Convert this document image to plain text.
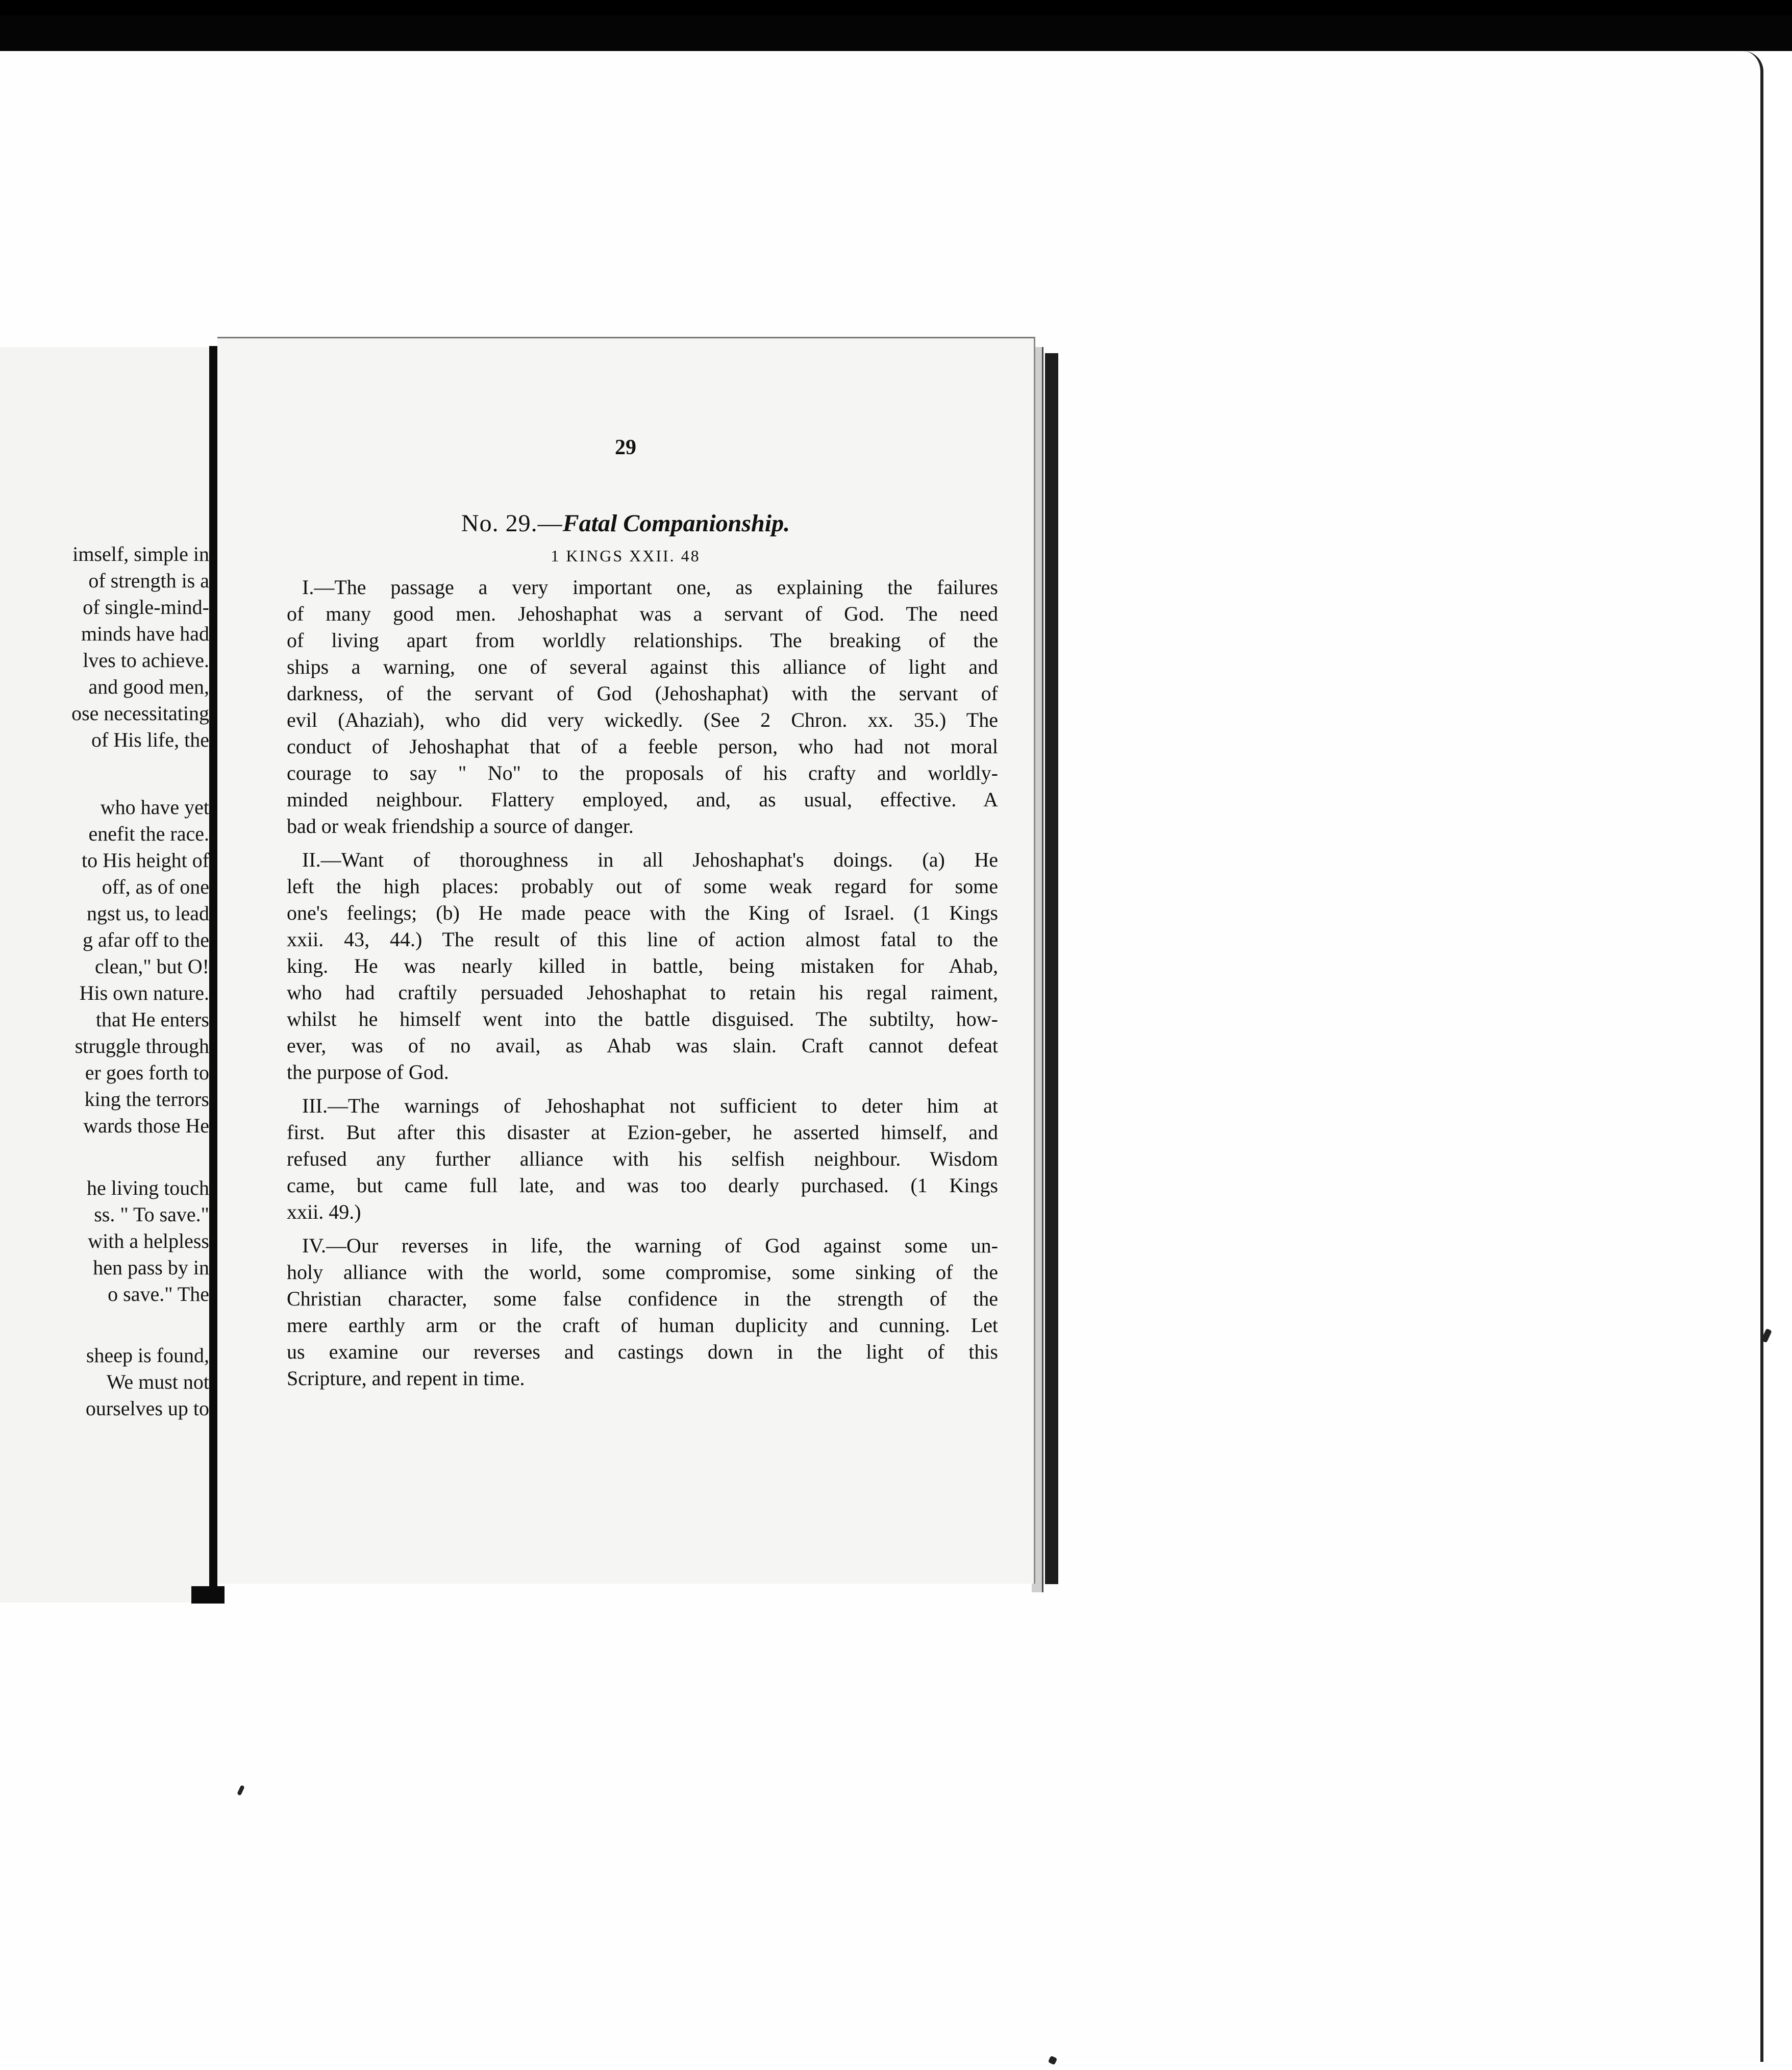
imself, simple in
of strength is a
of single-mind-
minds have had
lves to achieve.
and good men,
ose necessitating
of His life, the
who have yet
enefit the race.
to His height of
off, as of one
ngst us, to lead
g afar off to the
clean," but O!
His own nature.
that He enters
struggle through
er goes forth to
king the terrors
wards those He
he living touch
ss. " To save."
with a helpless
hen pass by in
o save." The
sheep is found,
We must not
ourselves up to
29
No. 29.—Fatal Companionship.
1 KINGS XXII. 48
I.—The passage a very important one, as explaining the failures
of many good men. Jehoshaphat was a servant of God. The need
of living apart from worldly relationships. The breaking of the
ships a warning, one of several against this alliance of light and
darkness, of the servant of God (Jehoshaphat) with the servant of
evil (Ahaziah), who did very wickedly. (See 2 Chron. xx. 35.) The
conduct of Jehoshaphat that of a feeble person, who had not moral
courage to say " No" to the proposals of his crafty and worldly-
minded neighbour. Flattery employed, and, as usual, effective. A
bad or weak friendship a source of danger.
II.—Want of thoroughness in all Jehoshaphat's doings. (a) He
left the high places: probably out of some weak regard for some
one's feelings; (b) He made peace with the King of Israel. (1 Kings
xxii. 43, 44.) The result of this line of action almost fatal to the
king. He was nearly killed in battle, being mistaken for Ahab,
who had craftily persuaded Jehoshaphat to retain his regal raiment,
whilst he himself went into the battle disguised. The subtilty, how-
ever, was of no avail, as Ahab was slain. Craft cannot defeat
the purpose of God.
III.—The warnings of Jehoshaphat not sufficient to deter him at
first. But after this disaster at Ezion-geber, he asserted himself, and
refused any further alliance with his selfish neighbour. Wisdom
came, but came full late, and was too dearly purchased. (1 Kings
xxii. 49.)
IV.—Our reverses in life, the warning of God against some un-
holy alliance with the world, some compromise, some sinking of the
Christian character, some false confidence in the strength of the
mere earthly arm or the craft of human duplicity and cunning. Let
us examine our reverses and castings down in the light of this
Scripture, and repent in time.
